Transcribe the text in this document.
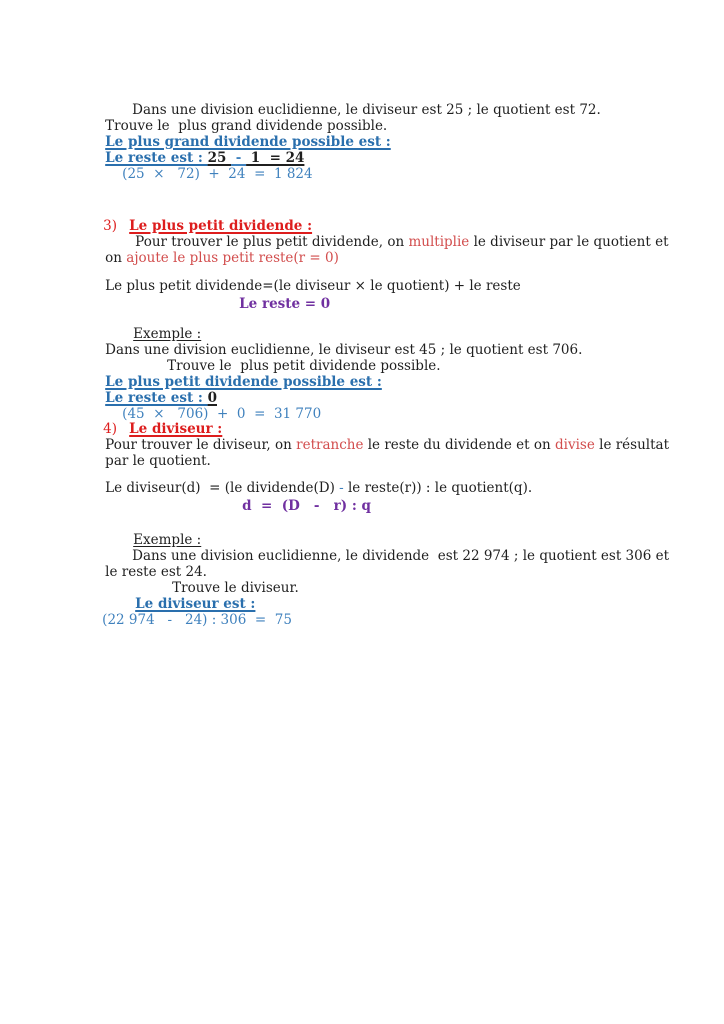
Dans une division euclidienne, le diviseur est 25 ; le quotient est 72.

Trouve le  plus grand dividende possible.

Le plus grand dividende possible est :

Le reste est : 25  -  1  = 24

(25  ×   72)  +  24  =  1 824

3) Le plus petit dividende :

Pour trouver le plus petit dividende, on multiplie le diviseur par le quotient et

on ajoute le plus petit reste(r = 0)

Le plus petit dividende=(le diviseur × le quotient) + le reste

Le reste = 0

Exemple :

Dans une division euclidienne, le diviseur est 45 ; le quotient est 706.

Trouve le  plus petit dividende possible.

Le plus petit dividende possible est :

Le reste est : 0

(45  ×   706)  +  0  =  31 770

4) Le diviseur :

Pour trouver le diviseur, on retranche le reste du dividende et on divise le résultat

par le quotient.

Le diviseur(d)  = (le dividende(D) - le reste(r)) : le quotient(q).

d  =  (D   -   r) : q

Exemple :

Dans une division euclidienne, le dividende  est 22 974 ; le quotient est 306 et

le reste est 24.

Trouve le diviseur.

Le diviseur est :

(22 974   -   24) : 306  =  75
